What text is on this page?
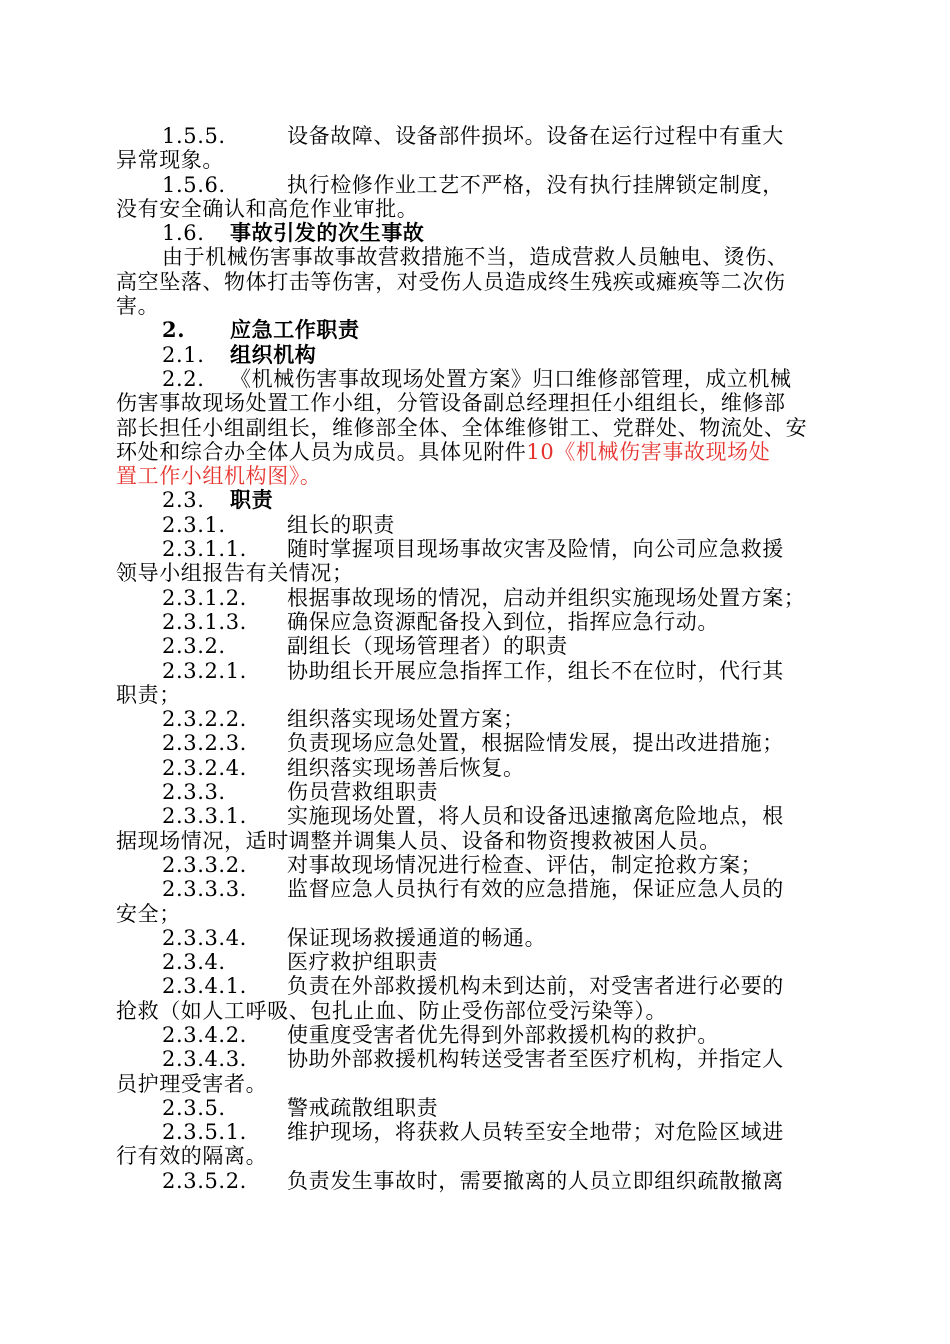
1.5.5.	设备故障、设备部件损坏。设备在运行过程中有重大
异常现象。
1.5.6.	执行检修作业工艺不严格，没有执行挂牌锁定制度，
没有安全确认和高危作业审批。
1.6. 事故引发的次生事故
由于机械伤害事故事故营救措施不当，造成营救人员触电、烫伤、
高空坠落、物体打击等伤害，对受伤人员造成终生残疾或瘫痪等二次伤
害。
2. 应急工作职责
2.1. 组织机构
2.2. 《机械伤害事故现场处置方案》归口维修部管理，成立机械
伤害事故现场处置工作小组，分管设备副总经理担任小组组长，维修部
部长担任小组副组长，维修部全体、全体维修钳工、党群处、物流处、安
环处和综合办全体人员为成员。具体见附件10《机械伤害事故现场处
置工作小组机构图》。
2.3. 职责
2.3.1.	组长的职责
2.3.1.1. 随时掌握项目现场事故灾害及险情，向公司应急救援
领导小组报告有关情况；
2.3.1.2. 根据事故现场的情况，启动并组织实施现场处置方案；
2.3.1.3. 确保应急资源配备投入到位，指挥应急行动。
2.3.2.	副组长（现场管理者）的职责
2.3.2.1. 协助组长开展应急指挥工作，组长不在位时，代行其
职责；
2.3.2.2. 组织落实现场处置方案；
2.3.2.3. 负责现场应急处置，根据险情发展，提出改进措施；
2.3.2.4. 组织落实现场善后恢复。
2.3.3.	伤员营救组职责
2.3.3.1. 实施现场处置，将人员和设备迅速撤离危险地点，根
据现场情况，适时调整并调集人员、设备和物资搜救被困人员。
2.3.3.2. 对事故现场情况进行检查、评估，制定抢救方案；
2.3.3.3. 监督应急人员执行有效的应急措施，保证应急人员的
安全；
2.3.3.4. 保证现场救援通道的畅通。
2.3.4.	医疗救护组职责
2.3.4.1. 负责在外部救援机构未到达前，对受害者进行必要的
抢救（如人工呼吸、包扎止血、防止受伤部位受污染等）。
2.3.4.2. 使重度受害者优先得到外部救援机构的救护。
2.3.4.3. 协助外部救援机构转送受害者至医疗机构，并指定人
员护理受害者。
2.3.5.	警戒疏散组职责
2.3.5.1. 维护现场，将获救人员转至安全地带；对危险区域进
行有效的隔离。
2.3.5.2. 负责发生事故时，需要撤离的人员立即组织疏散撤离
